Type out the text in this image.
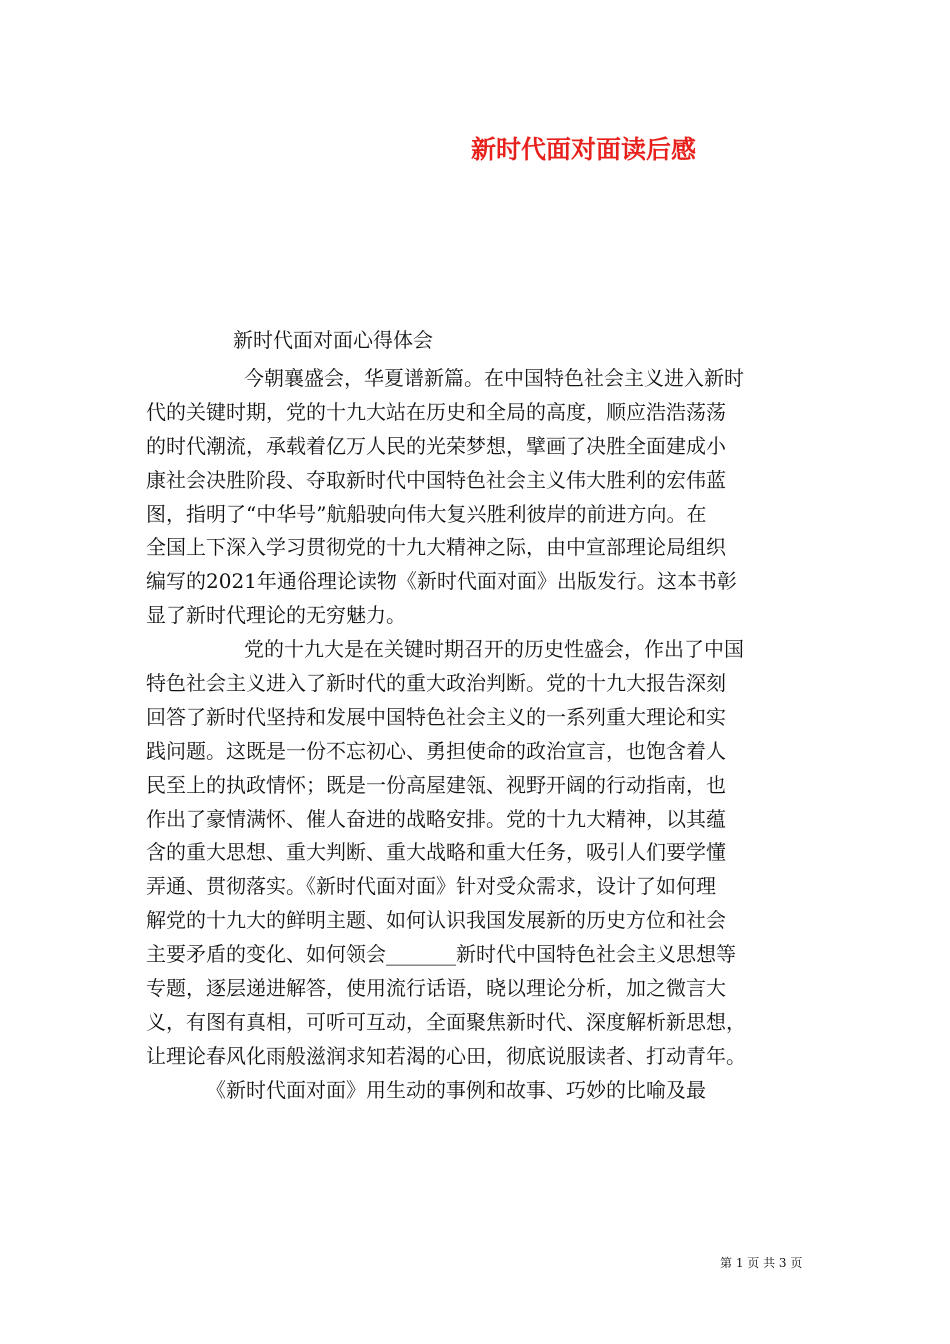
新时代面对面读后感
新时代面对面心得体会
今朝襄盛会，华夏谱新篇。在中国特色社会主义进入新时
代的关键时期，党的十九大站在历史和全局的高度，顺应浩浩荡荡
的时代潮流，承载着亿万人民的光荣梦想，擘画了决胜全面建成小
康社会决胜阶段、夺取新时代中国特色社会主义伟大胜利的宏伟蓝
图，指明了“中华号”航船驶向伟大复兴胜利彼岸的前进方向。在
全国上下深入学习贯彻党的十九大精神之际，由中宣部理论局组织
编写的2021年通俗理论读物《新时代面对面》出版发行。这本书彰
显了新时代理论的无穷魅力。
党的十九大是在关键时期召开的历史性盛会，作出了中国
特色社会主义进入了新时代的重大政治判断。党的十九大报告深刻
回答了新时代坚持和发展中国特色社会主义的一系列重大理论和实
践问题。这既是一份不忘初心、勇担使命的政治宣言，也饱含着人
民至上的执政情怀；既是一份高屋建瓴、视野开阔的行动指南，也
作出了豪情满怀、催人奋进的战略安排。党的十九大精神，以其蕴
含的重大思想、重大判断、重大战略和重大任务，吸引人们要学懂
弄通、贯彻落实。《新时代面对面》针对受众需求，设计了如何理
解党的十九大的鲜明主题、如何认识我国发展新的历史方位和社会
主要矛盾的变化、如何领会_______新时代中国特色社会主义思想等
专题，逐层递进解答，使用流行话语，晓以理论分析，加之微言大
义，有图有真相，可听可互动，全面聚焦新时代、深度解析新思想，
让理论春风化雨般滋润求知若渴的心田，彻底说服读者、打动青年。
《新时代面对面》用生动的事例和故事、巧妙的比喻及最
第 1 页 共 3 页
